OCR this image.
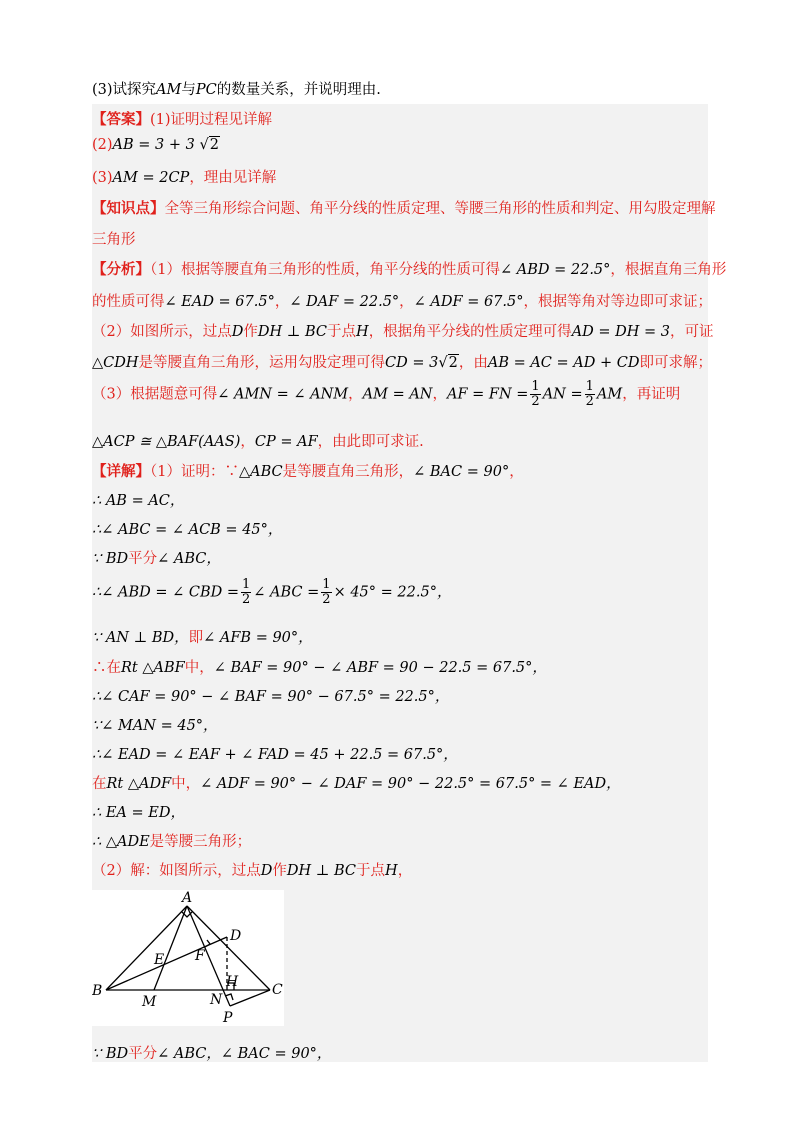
(3)试探究AM与PC的数量关系，并说明理由.
【答案】(1)证明过程见详解
(2)AB = 3 + 3 √2
(3)AM = 2CP，理由见详解
【知识点】全等三角形综合问题、角平分线的性质定理、等腰三角形的性质和判定、用勾股定理解
三角形
【分析】（1）根据等腰直角三角形的性质，角平分线的性质可得∠ ABD = 22.5°，根据直角三角形
的性质可得∠ EAD = 67.5°，∠ DAF = 22.5°，∠ ADF = 67.5°，根据等角对等边即可求证；
（2）如图所示，过点D作DH ⊥ BC于点H，根据角平分线的性质定理可得AD = DH = 3，可证
△CDH是等腰直角三角形，运用勾股定理可得CD = 3√2，由AB = AC = AD + CD即可求解；
（3）根据题意可得∠ AMN = ∠ ANM，AM = AN，AF = FN = $\frac{1}{2}$ AN = $\frac{1}{2}$ AM，再证明
△ACP ≅ △BAF(AAS)，CP = AF，由此即可求证.
【详解】（1）证明：∵△ABC是等腰直角三角形，∠ BAC = 90°，
∴ AB = AC，
∴∠ ABC = ∠ ACB = 45°，
∵ BD平分∠ ABC，
∴∠ ABD = ∠ CBD = $\frac{1}{2}$ ∠ ABC = $\frac{1}{2} \times 45^\circ = 22.5^\circ$，
∵ AN ⊥ BD，即∠ AFB = 90°，
∴在Rt △ABF中，∠ BAF = 90° − ∠ ABF = 90 − 22.5 = 67.5°，
∴∠ CAF = 90° − ∠ BAF = 90° − 67.5° = 22.5°，
∵∠ MAN = 45°，
∴∠ EAD = ∠ EAF + ∠ FAD = 45 + 22.5 = 67.5°，
在Rt △ADF中，∠ ADF = 90° − ∠ DAF = 90° − 22.5° = 67.5° = ∠ EAD，
∴ EA = ED，
∴ △ADE是等腰三角形；
（2）解：如图所示，过点D作DH ⊥ BC于点H，
A
B	C
D
E F
H
M	N
P
∵ BD平分∠ ABC，∠ BAC = 90°，
